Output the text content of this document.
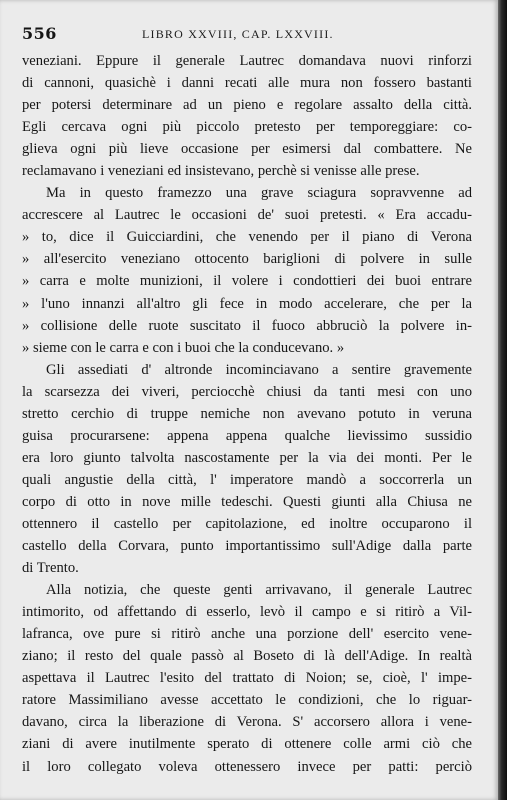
556	LIBRO XXVIII, CAP. LXXVIII.
veneziani. Eppure il generale Lautrec domandava nuovi rinforzi
di cannoni, quasichè i danni recati alle mura non fossero bastanti
per potersi determinare ad un pieno e regolare assalto della città.
Egli cercava ogni più piccolo pretesto per temporeggiare: co-
glieva ogni più lieve occasione per esimersi dal combattere. Ne
reclamavano i veneziani ed insistevano, perchè si venisse alle prese.
Ma in questo framezzo una grave sciagura sopravvenne ad
accrescere al Lautrec le occasioni de' suoi pretesti. « Era accadu-
» to, dice il Guicciardini, che venendo per il piano di Verona
» all'esercito veneziano ottocento bariglioni di polvere in sulle
» carra e molte munizioni, il volere i condottieri dei buoi entrare
» l'uno innanzi all'altro gli fece in modo accelerare, che per la
» collisione delle ruote suscitato il fuoco abbruciò la polvere in-
» sieme con le carra e con i buoi che la conducevano. »
Gli assediati d' altronde incominciavano a sentire gravemente
la scarsezza dei viveri, perciocchè chiusi da tanti mesi con uno
stretto cerchio di truppe nemiche non avevano potuto in veruna
guisa procurarsene: appena appena qualche lievissimo sussidio
era loro giunto talvolta nascostamente per la via dei monti. Per le
quali angustie della città, l' imperatore mandò a soccorrerla un
corpo di otto in nove mille tedeschi. Questi giunti alla Chiusa ne
ottennero il castello per capitolazione, ed inoltre occuparono il
castello della Corvara, punto importantissimo sull'Adige dalla parte
di Trento.
Alla notizia, che queste genti arrivavano, il generale Lautrec
intimorito, od affettando di esserlo, levò il campo e si ritirò a Vil-
lafranca, ove pure si ritirò anche una porzione dell' esercito vene-
ziano; il resto del quale passò al Boseto di là dell'Adige. In realtà
aspettava il Lautrec l'esito del trattato di Noion; se, cioè, l' impe-
ratore Massimiliano avesse accettato le condizioni, che lo riguar-
davano, circa la liberazione di Verona. S' accorsero allora i vene-
ziani di avere inutilmente sperato di ottenere colle armi ciò che
il loro collegato voleva ottenessero invece per patti: perciò
